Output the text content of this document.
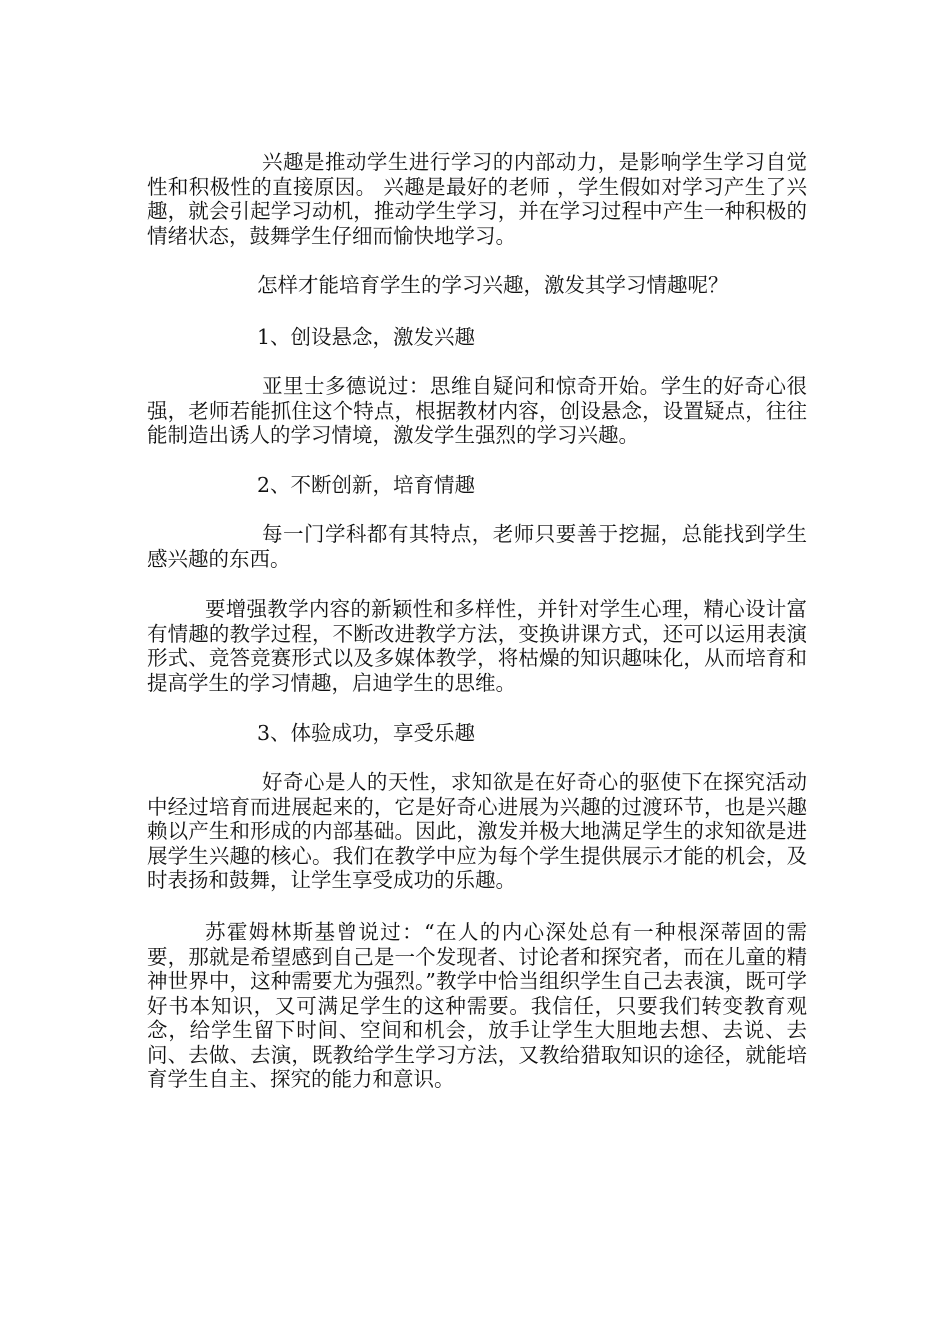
兴趣是推动学生进行学习的内部动力，是影响学生学习自觉性和积极性的直接原因。 兴趣是最好的老师 ，学生假如对学习产生了兴趣，就会引起学习动机，推动学生学习，并在学习过程中产生一种积极的情绪状态，鼓舞学生仔细而愉快地学习。

怎样才能培育学生的学习兴趣，激发其学习情趣呢？

1、创设悬念，激发兴趣

亚里士多德说过：思维自疑问和惊奇开始。学生的好奇心很强，老师若能抓住这个特点，根据教材内容，创设悬念，设置疑点，往往能制造出诱人的学习情境，激发学生强烈的学习兴趣。

2、不断创新，培育情趣

每一门学科都有其特点，老师只要善于挖掘，总能找到学生感兴趣的东西。

要增强教学内容的新颖性和多样性，并针对学生心理，精心设计富有情趣的教学过程，不断改进教学方法，变换讲课方式，还可以运用表演形式、竞答竞赛形式以及多媒体教学，将枯燥的知识趣味化，从而培育和提高学生的学习情趣，启迪学生的思维。

3、体验成功，享受乐趣

好奇心是人的天性，求知欲是在好奇心的驱使下在探究活动中经过培育而进展起来的，它是好奇心进展为兴趣的过渡环节，也是兴趣赖以产生和形成的内部基础。因此，激发并极大地满足学生的求知欲是进展学生兴趣的核心。我们在教学中应为每个学生提供展示才能的机会，及时表扬和鼓舞，让学生享受成功的乐趣。

苏霍姆林斯基曾说过：“在人的内心深处总有一种根深蒂固的需要，那就是希望感到自己是一个发现者、讨论者和探究者，而在儿童的精神世界中，这种需要尤为强烈。”教学中恰当组织学生自己去表演，既可学好书本知识，又可满足学生的这种需要。我信任，只要我们转变教育观念，给学生留下时间、空间和机会，放手让学生大胆地去想、去说、去问、去做、去演，既教给学生学习方法，又教给猎取知识的途径，就能培育学生自主、探究的能力和意识。
